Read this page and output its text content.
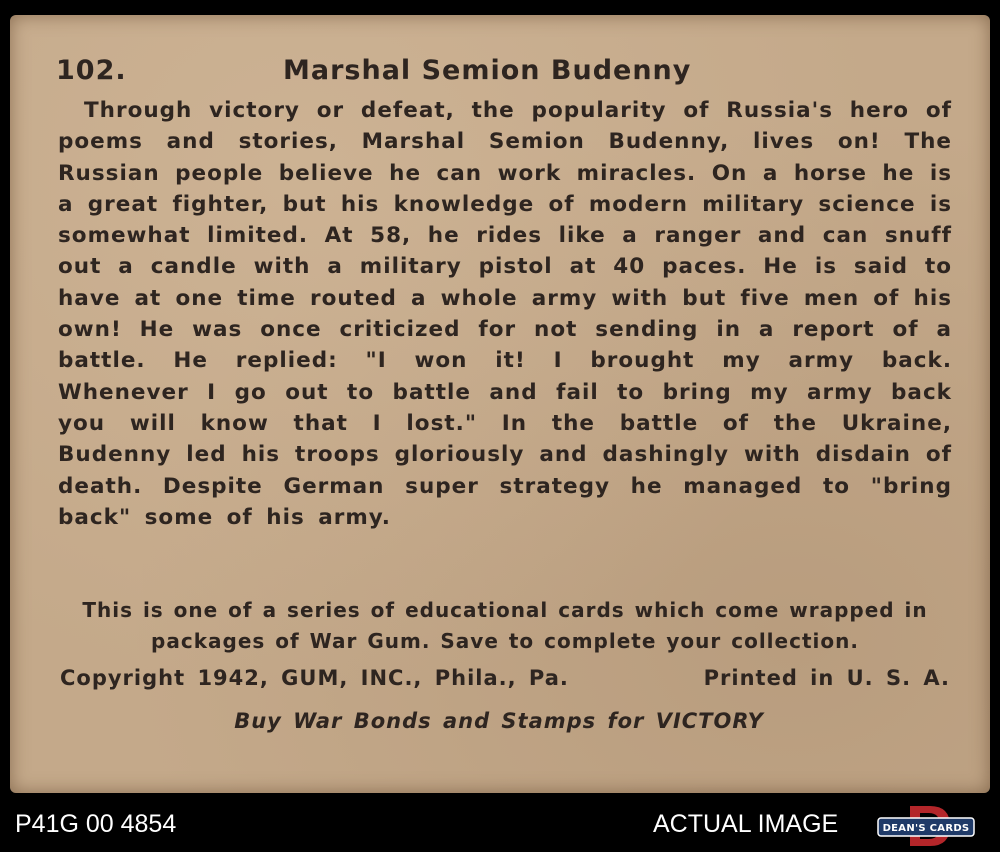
102.	Marshal Semion Budenny

Through victory or defeat, the popularity of Russia's hero of poems and stories, Marshal Semion Budenny, lives on! The Russian people believe he can work miracles. On a horse he is a great fighter, but his knowledge of modern military science is somewhat limited. At 58, he rides like a ranger and can snuff out a candle with a military pistol at 40 paces. He is said to have at one time routed a whole army with but five men of his own! He was once criticized for not sending in a report of a battle. He replied: "I won it! I brought my army back. Whenever I go out to battle and fail to bring my army back you will know that I lost." In the battle of the Ukraine, Budenny led his troops gloriously and dashingly with disdain of death. Despite German super strategy he managed to "bring back" some of his army.

This is one of a series of educational cards which come wrapped in packages of War Gum. Save to complete your collection.

Copyright 1942, GUM, INC., Phila., Pa.	Printed in U. S. A.
Buy War Bonds and Stamps for VICTORY
P41G 00 4854	ACTUAL IMAGE	DEAN'S CARDS
